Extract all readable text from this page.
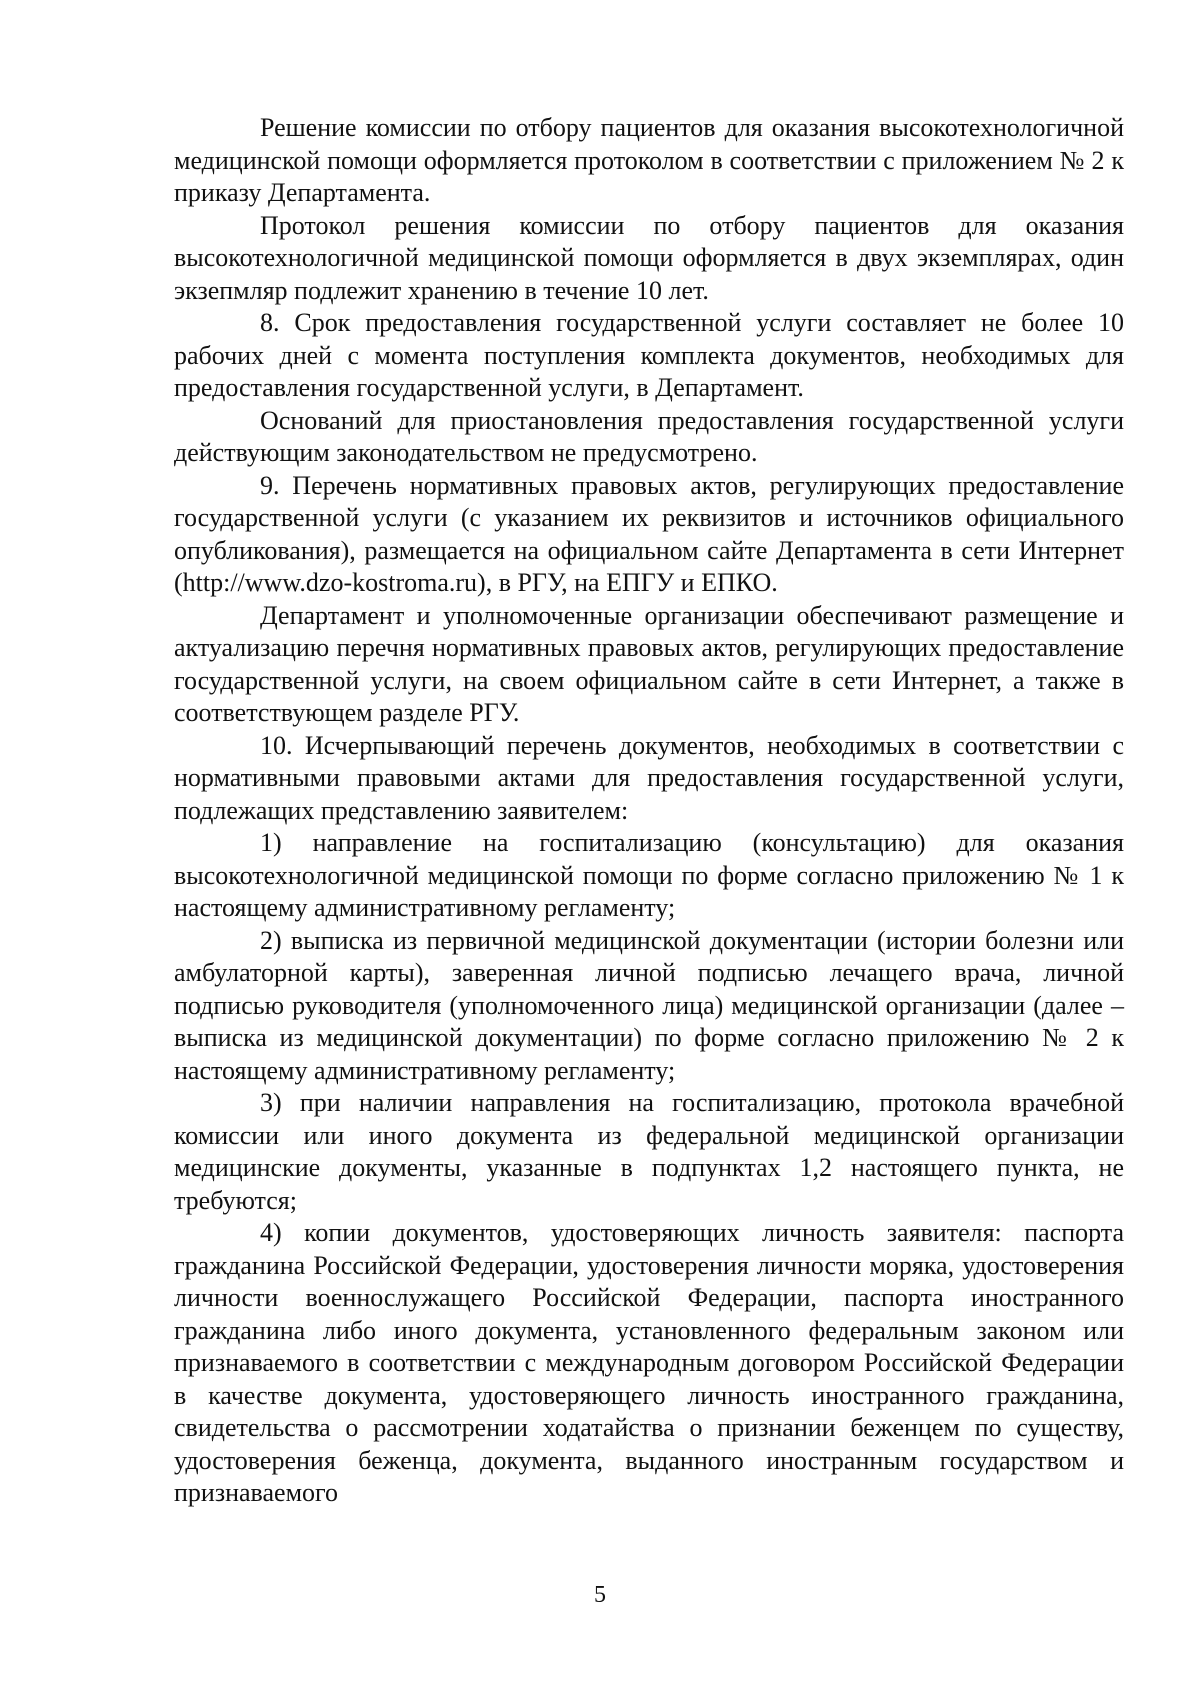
Решение комиссии по отбору пациентов для оказания высокотехнологичной медицинской помощи оформляется протоколом в соответствии с приложением № 2 к приказу Департамента.

Протокол решения комиссии по отбору пациентов для оказания высокотехнологичной медицинской помощи оформляется в двух экземплярах, один экзепмляр подлежит хранению в течение 10 лет.

8. Срок предоставления государственной услуги составляет не более 10 рабочих дней с момента поступления комплекта документов, необходимых для предоставления государственной услуги, в Департамент.

Оснований для приостановления предоставления государственной услуги действующим законодательством не предусмотрено.

9. Перечень нормативных правовых актов, регулирующих предоставление государственной услуги (с указанием их реквизитов и источников официального опубликования), размещается на официальном сайте Департамента в сети Интернет (http://www.dzo-kostroma.ru), в РГУ, на ЕПГУ и ЕПКО.

Департамент и уполномоченные организации обеспечивают размещение и актуализацию перечня нормативных правовых актов, регулирующих предоставление государственной услуги, на своем официальном сайте в сети Интернет, а также в соответствующем разделе РГУ.

10. Исчерпывающий перечень документов, необходимых в соответствии с нормативными правовыми актами для предоставления государственной услуги, подлежащих представлению заявителем:

1) направление на госпитализацию (консультацию) для оказания высокотехнологичной медицинской помощи по форме согласно приложению № 1 к настоящему административному регламенту;

2) выписка из первичной медицинской документации (истории болезни или амбулаторной карты), заверенная личной подписью лечащего врача, личной подписью руководителя (уполномоченного лица) медицинской организации (далее – выписка из медицинской документации) по форме согласно приложению № 2 к настоящему административному регламенту;

3) при наличии направления на госпитализацию, протокола врачебной комиссии или иного документа из федеральной медицинской организации медицинские документы, указанные в подпунктах 1,2 настоящего пункта, не требуются;

4) копии документов, удостоверяющих личность заявителя: паспорта гражданина Российской Федерации, удостоверения личности моряка, удостоверения личности военнослужащего Российской Федерации, паспорта иностранного гражданина либо иного документа, установленного федеральным законом или признаваемого в соответствии с международным договором Российской Федерации в качестве документа, удостоверяющего личность иностранного гражданина, свидетельства о рассмотрении ходатайства о признании беженцем по существу, удостоверения беженца, документа, выданного иностранным государством и признаваемого

5
